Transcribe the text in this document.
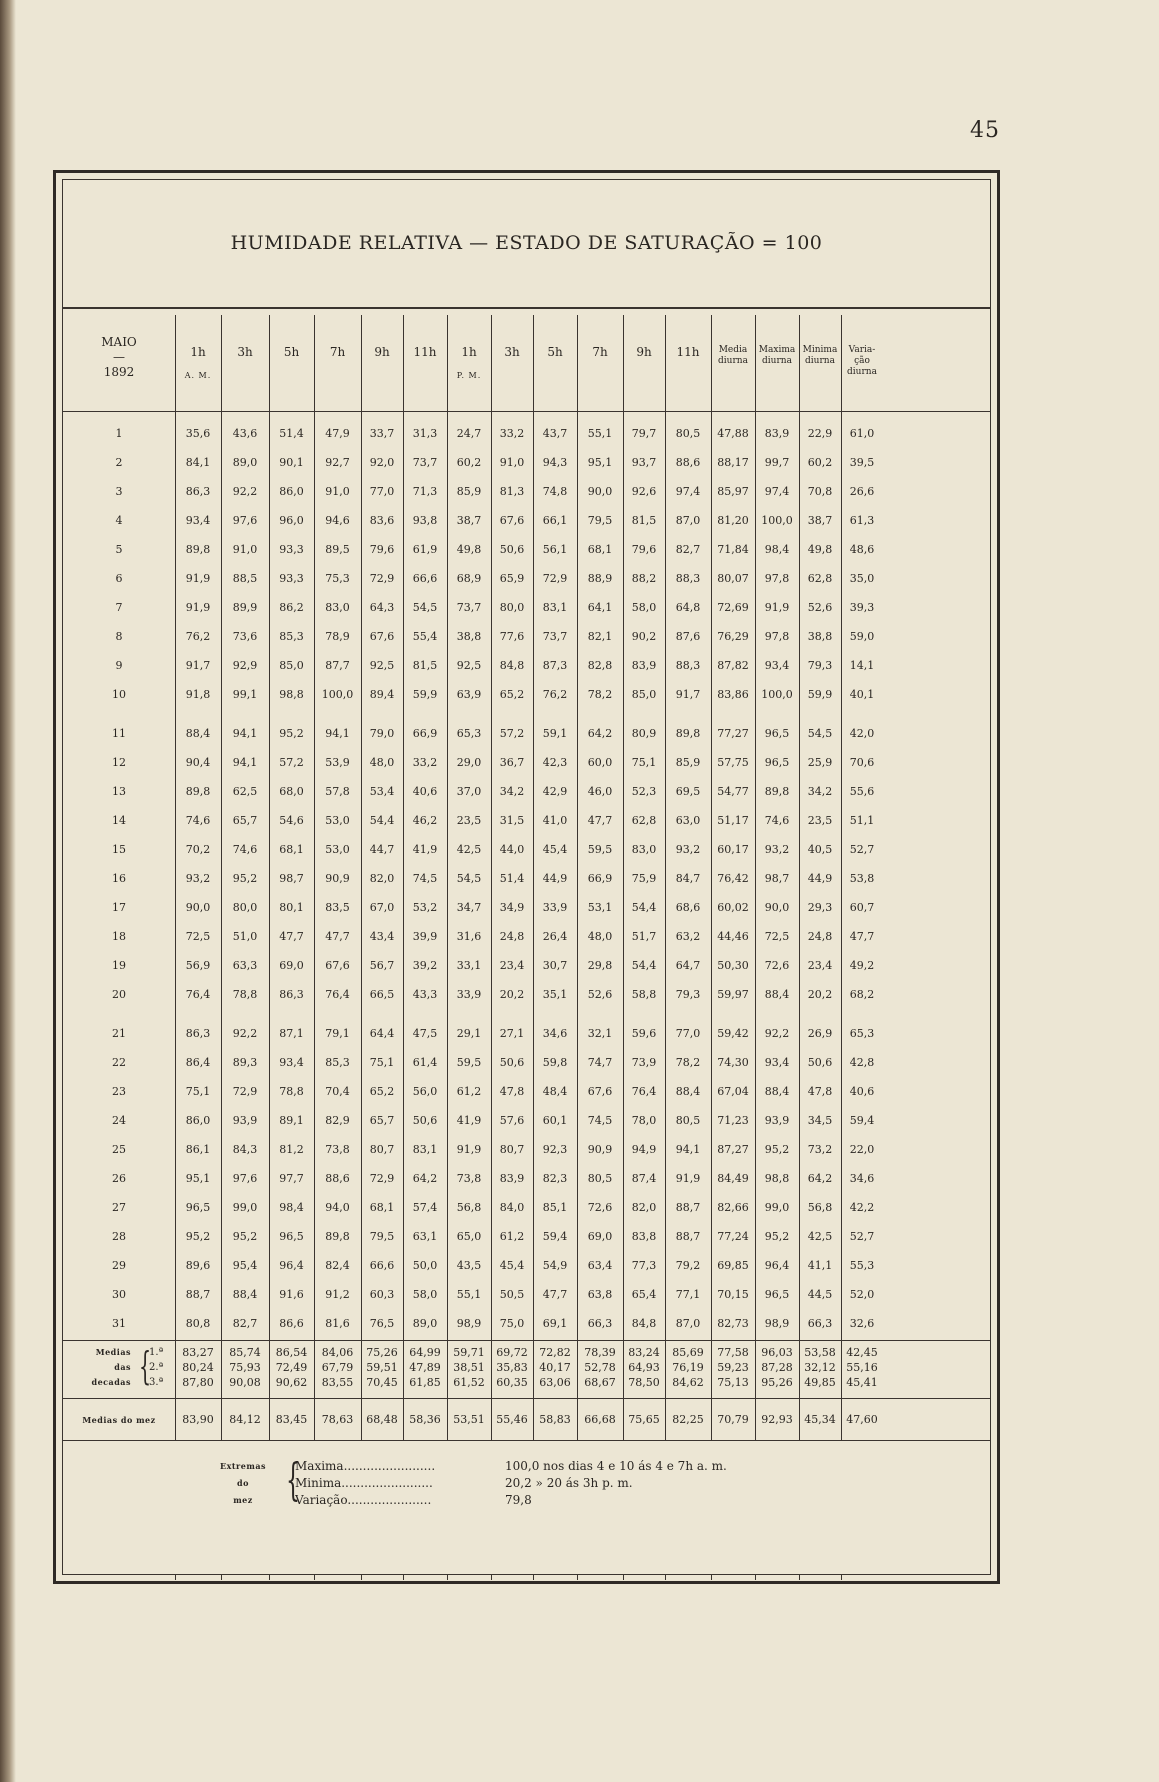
45
HUMIDADE RELATIVA — ESTADO DE SATURAÇÃO = 100
MAIO
—
1892
1h
A. M.
3h	5h	7h	9h	11h	1h
P. M.
3h	5h	7h	9h	11h	Media diurna
Maxima diurna
Minima diurna
Varia- ção diurna
1	35,6	43,6	51,4	47,9	33,7	31,3	24,7	33,2	43,7	55,1	79,7	80,5	47,88	83,9	22,9	61,0
2	84,1	89,0	90,1	92,7	92,0	73,7	60,2	91,0	94,3	95,1	93,7	88,6	88,17	99,7	60,2	39,5
3	86,3	92,2	86,0	91,0	77,0	71,3	85,9	81,3	74,8	90,0	92,6	97,4	85,97	97,4	70,8	26,6
4	93,4	97,6	96,0	94,6	83,6	93,8	38,7	67,6	66,1	79,5	81,5	87,0	81,20	100,0	38,7	61,3
5	89,8	91,0	93,3	89,5	79,6	61,9	49,8	50,6	56,1	68,1	79,6	82,7	71,84	98,4	49,8	48,6
6	91,9	88,5	93,3	75,3	72,9	66,6	68,9	65,9	72,9	88,9	88,2	88,3	80,07	97,8	62,8	35,0
7	91,9	89,9	86,2	83,0	64,3	54,5	73,7	80,0	83,1	64,1	58,0	64,8	72,69	91,9	52,6	39,3
8	76,2	73,6	85,3	78,9	67,6	55,4	38,8	77,6	73,7	82,1	90,2	87,6	76,29	97,8	38,8	59,0
9	91,7	92,9	85,0	87,7	92,5	81,5	92,5	84,8	87,3	82,8	83,9	88,3	87,82	93,4	79,3	14,1
10	91,8	99,1	98,8	100,0	89,4	59,9	63,9	65,2	76,2	78,2	85,0	91,7	83,86	100,0	59,9	40,1
11	88,4	94,1	95,2	94,1	79,0	66,9	65,3	57,2	59,1	64,2	80,9	89,8	77,27	96,5	54,5	42,0
12	90,4	94,1	57,2	53,9	48,0	33,2	29,0	36,7	42,3	60,0	75,1	85,9	57,75	96,5	25,9	70,6
13	89,8	62,5	68,0	57,8	53,4	40,6	37,0	34,2	42,9	46,0	52,3	69,5	54,77	89,8	34,2	55,6
14	74,6	65,7	54,6	53,0	54,4	46,2	23,5	31,5	41,0	47,7	62,8	63,0	51,17	74,6	23,5	51,1
15	70,2	74,6	68,1	53,0	44,7	41,9	42,5	44,0	45,4	59,5	83,0	93,2	60,17	93,2	40,5	52,7
16	93,2	95,2	98,7	90,9	82,0	74,5	54,5	51,4	44,9	66,9	75,9	84,7	76,42	98,7	44,9	53,8
17	90,0	80,0	80,1	83,5	67,0	53,2	34,7	34,9	33,9	53,1	54,4	68,6	60,02	90,0	29,3	60,7
18	72,5	51,0	47,7	47,7	43,4	39,9	31,6	24,8	26,4	48,0	51,7	63,2	44,46	72,5	24,8	47,7
19	56,9	63,3	69,0	67,6	56,7	39,2	33,1	23,4	30,7	29,8	54,4	64,7	50,30	72,6	23,4	49,2
20	76,4	78,8	86,3	76,4	66,5	43,3	33,9	20,2	35,1	52,6	58,8	79,3	59,97	88,4	20,2	68,2
21	86,3	92,2	87,1	79,1	64,4	47,5	29,1	27,1	34,6	32,1	59,6	77,0	59,42	92,2	26,9	65,3
22	86,4	89,3	93,4	85,3	75,1	61,4	59,5	50,6	59,8	74,7	73,9	78,2	74,30	93,4	50,6	42,8
23	75,1	72,9	78,8	70,4	65,2	56,0	61,2	47,8	48,4	67,6	76,4	88,4	67,04	88,4	47,8	40,6
24	86,0	93,9	89,1	82,9	65,7	50,6	41,9	57,6	60,1	74,5	78,0	80,5	71,23	93,9	34,5	59,4
25	86,1	84,3	81,2	73,8	80,7	83,1	91,9	80,7	92,3	90,9	94,9	94,1	87,27	95,2	73,2	22,0
26	95,1	97,6	97,7	88,6	72,9	64,2	73,8	83,9	82,3	80,5	87,4	91,9	84,49	98,8	64,2	34,6
27	96,5	99,0	98,4	94,0	68,1	57,4	56,8	84,0	85,1	72,6	82,0	88,7	82,66	99,0	56,8	42,2
28	95,2	95,2	96,5	89,8	79,5	63,1	65,0	61,2	59,4	69,0	83,8	88,7	77,24	95,2	42,5	52,7
29	89,6	95,4	96,4	82,4	66,6	50,0	43,5	45,4	54,9	63,4	77,3	79,2	69,85	96,4	41,1	55,3
30	88,7	88,4	91,6	91,2	60,3	58,0	55,1	50,5	47,7	63,8	65,4	77,1	70,15	96,5	44,5	52,0
31	80,8	82,7	86,6	81,6	76,5	89,0	98,9	75,0	69,1	66,3	84,8	87,0	82,73	98,9	66,3	32,6
Medias
das
decadas {
1.ª
2.ª
3.ª
83,27	85,74	86,54	84,06	75,26	64,99	59,71	69,72	72,82	78,39	83,24	85,69	77,58	96,03	53,58 42,45
80,24	75,93	72,49	67,79	59,51	47,89	38,51	35,83	40,17	52,78	64,93	76,19	59,23	87,28	32,12 55,16
87,80	90,08	90,62	83,55	70,45	61,85	61,52	60,35	63,06	68,67	78,50	84,62	75,13	95,26	49,85 45,41
Medias do mez	83,90	84,12	83,45	78,63	68,48	58,36	53,51	55,46	58,83	66,68	75,65	82,25	70,79	92,93	45,34 47,60
Extremas
do
mez {
Maxima........................	100,0 nos dias 4 e 10 ás 4 e 7h a. m.
Minima........................	20,2 » 20 ás 3h p. m.
Variação......................	79,8
